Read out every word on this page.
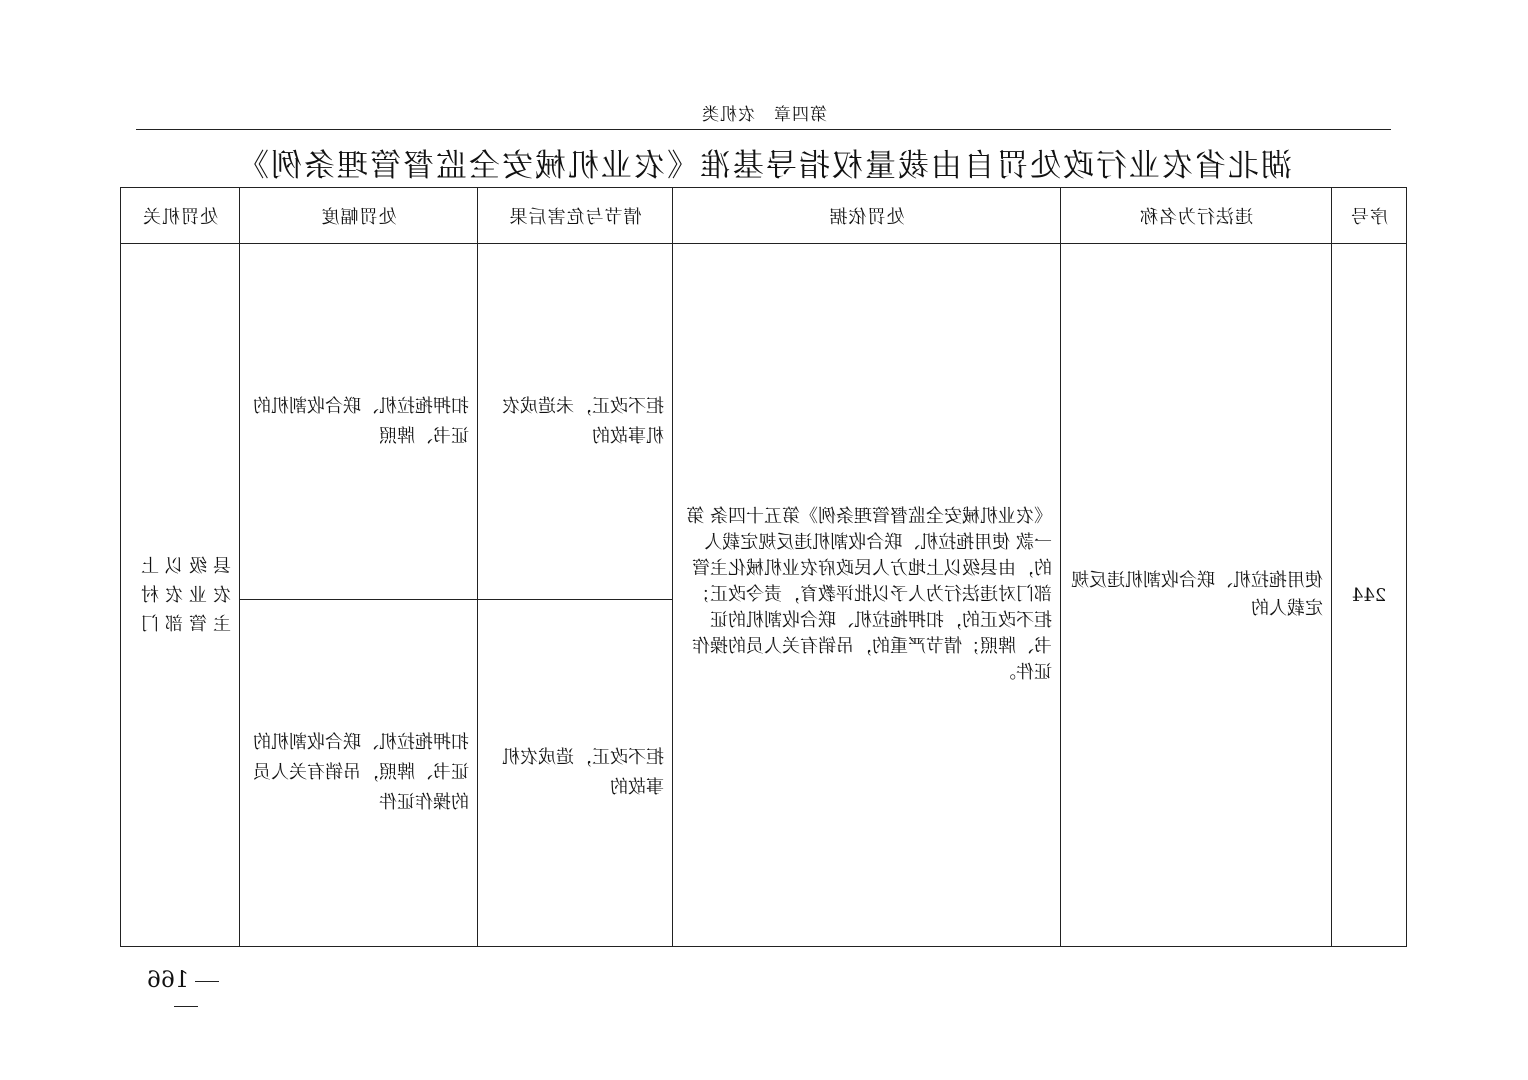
第四章　农机类
湖北省农业行政处罚自由裁量权指导基准《农业机械安全监督管理条例》
序号	违法行为名称	处罚依据	情节与危害后果	处罚幅度	处罚机关
244	使用拖拉机、联合收割机违反规定载人的	《农业机械安全监督管理条例》第五十四条 第一款 使用拖拉机、联合收割机违反规定载人的，由县级以上地方人民政府农业机械化主管部门对违法行为人予以批评教育，责令改正；拒不改正的，扣押拖拉机、联合收割机的证书、牌照；情节严重的，吊销有关人员的操作证件。	拒不改正，未造成农机事故的	扣押拖拉机、联合收割机的证书、牌照	县级以上农业农村主管部门
			拒不改正，造成农机事故的	扣押拖拉机、联合收割机的证书、牌照，吊销有关人员的操作证件	
166
